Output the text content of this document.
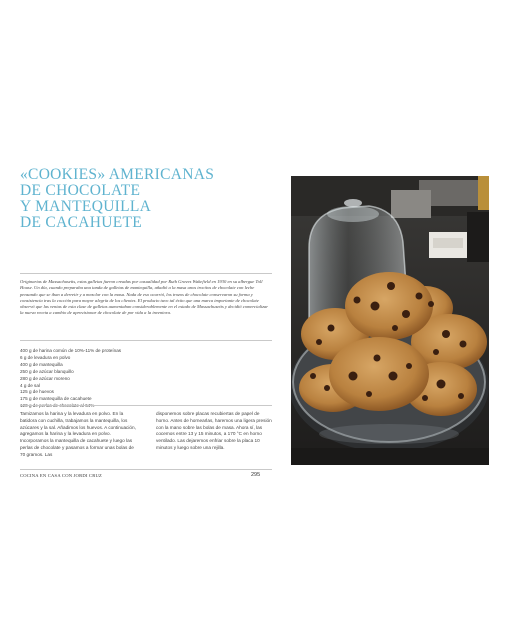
«COOKIES» AMERICANAS
DE CHOCOLATE
Y MANTEQUILLA
DE CACAHUETE

Originarias de Massachusetts, estas galletas fueron creadas por casualidad por Ruth Graves Wakefield en 1930 en su albergue Toll House. Un día, cuando preparaba una tanda de galletas de mantequilla, añadió a la masa unos trocitos de chocolate con leche pensando que se iban a derretir y a mezclar con la masa. Nada de eso ocurrió, los trozos de chocolate conservaron su forma y consistencia tras la cocción para mayor alegría de los clientes. El producto tuvo tal éxito que una marca importante de chocolate observó que las ventas de esta clase de galletas aumentaban considerablemente en el estado de Massachusetts y decidió comercializar la nueva receta a cambio de aprovisionar de chocolate de por vida a la inventora.

400 g de harina común de 10%-11% de proteínas
6 g de levadura en polvo
400 g de mantequilla
250 g de azúcar blanquillo
280 g de azúcar moreno
4 g de sal
125 g de huevos
175 g de mantequilla de cacahuete

Tamizamos la harina y la levadura en polvo. En la batidora con cuchilla, trabajamos la mantequilla, los azúcares y la sal. Añadimos los huevos. A continuación, agregamos la harina y la levadura en polvo. Incorporamos la mantequilla de cacahuete y luego las perlas de chocolate y pasamos a formar unas bolas de 70 gramos. Las

disponemos sobre placas recubiertas de papel de horno. Antes de hornearlas, haremos una ligera presión con la mano sobre las bolas de masa. Ahora sí, las cocemos entre 13 y 15 minutos, a 170 °C en horno ventilado. Las dejaremos enfriar sobre la placa 10 minutos y luego sobre una rejilla.

COCINA EN CASA CON JORDI CRUZ	295
